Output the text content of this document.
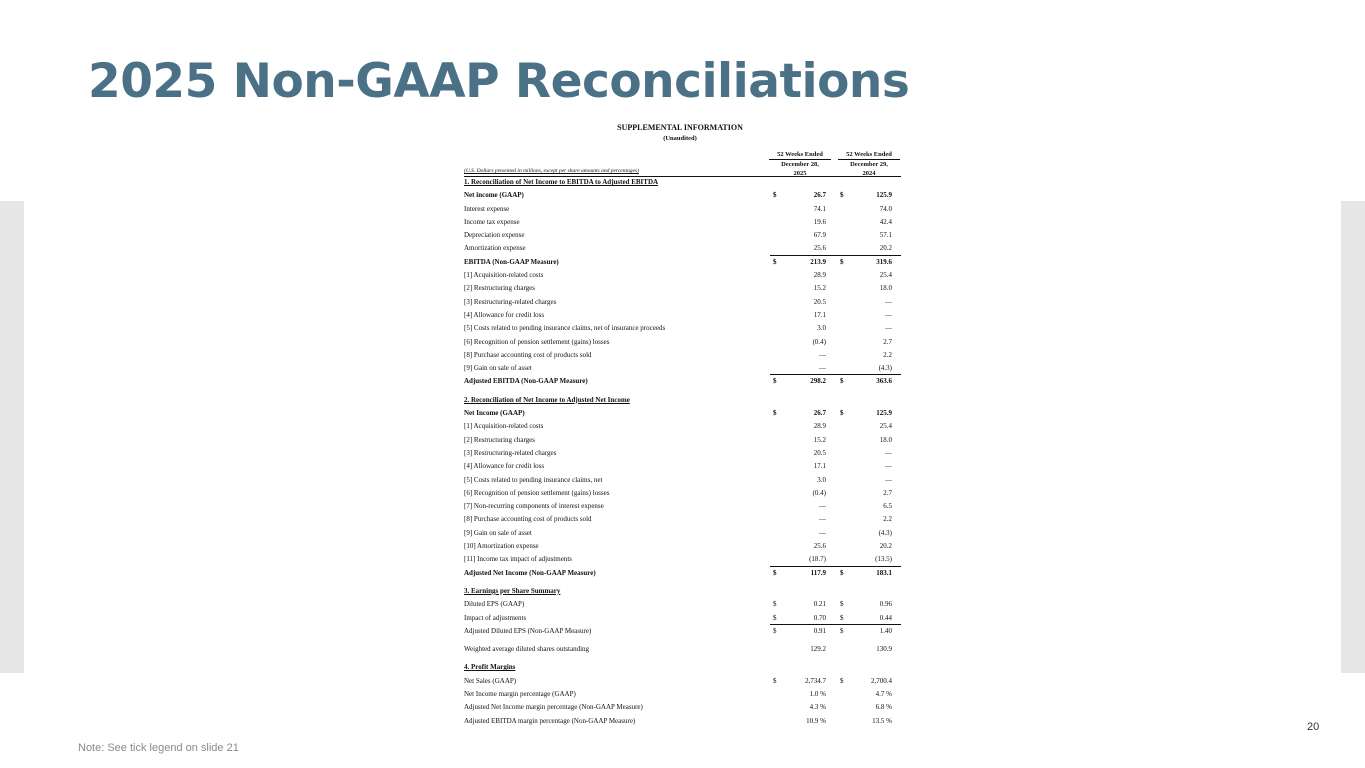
2025 Non-GAAP Reconciliations
SUPPLEMENTAL INFORMATION
(Unaudited)
52 Weeks Ended
December 28,
2025
52 Weeks Ended
December 29,
2024
(U.S. Dollars presented in millions, except per share amounts and percentages)
1. Reconciliation of Net Income to EBITDA to Adjusted EBITDA
Net income (GAAP)	$	26.7 $	125.9
Interest expense	74.1	74.0
Income tax expense	19.6	42.4
Depreciation expense	67.9	57.1
Amortization expense	25.6	20.2
EBITDA (Non-GAAP Measure)	$	213.9 $	319.6
[1] Acquisition-related costs	28.9	25.4
[2] Restructuring charges	15.2	18.0
[3] Restructuring-related charges	20.5	—
[4] Allowance for credit loss	17.1	—
[5] Costs related to pending insurance claims, net of insurance proceeds	3.0	—
[6] Recognition of pension settlement (gains) losses	(0.4)	2.7
[8] Purchase accounting cost of products sold	—	2.2
[9] Gain on sale of asset	—	(4.3)
Adjusted EBITDA (Non-GAAP Measure)	$	298.2 $	363.6
2. Reconciliation of Net Income to Adjusted Net Income
Net Income (GAAP)	$	26.7 $	125.9
[1] Acquisition-related costs	28.9	25.4
[2] Restructuring charges	15.2	18.0
[3] Restructuring-related charges	20.5	—
[4] Allowance for credit loss	17.1	—
[5] Costs related to pending insurance claims, net	3.0	—
[6] Recognition of pension settlement (gains) losses	(0.4)	2.7
[7] Non-recurring components of interest expense	—	6.5
[8] Purchase accounting cost of products sold	—	2.2
[9] Gain on sale of asset	—	(4.3)
[10] Amortization expense	25.6	20.2
[11] Income tax impact of adjustments	(18.7)	(13.5)
Adjusted Net Income (Non-GAAP Measure)	$	117.9 $	183.1
3. Earnings per Share Summary
Diluted EPS (GAAP)	$	0.21 $	0.96
Impact of adjustments	$	0.70 $	0.44
Adjusted Diluted EPS (Non-GAAP Measure)	$	0.91 $	1.40
Weighted average diluted shares outstanding	129.2	130.9
4. Profit Margins
Net Sales (GAAP)	$	2,734.7 $	2,700.4
Net Income margin percentage (GAAP)	1.0 %	4.7 %
Adjusted Net Income margin percentage (Non-GAAP Measure)	4.3 %	6.8 %
Adjusted EBITDA margin percentage (Non-GAAP Measure)	10.9 %	13.5 %
Note: See tick legend on slide 21
20
